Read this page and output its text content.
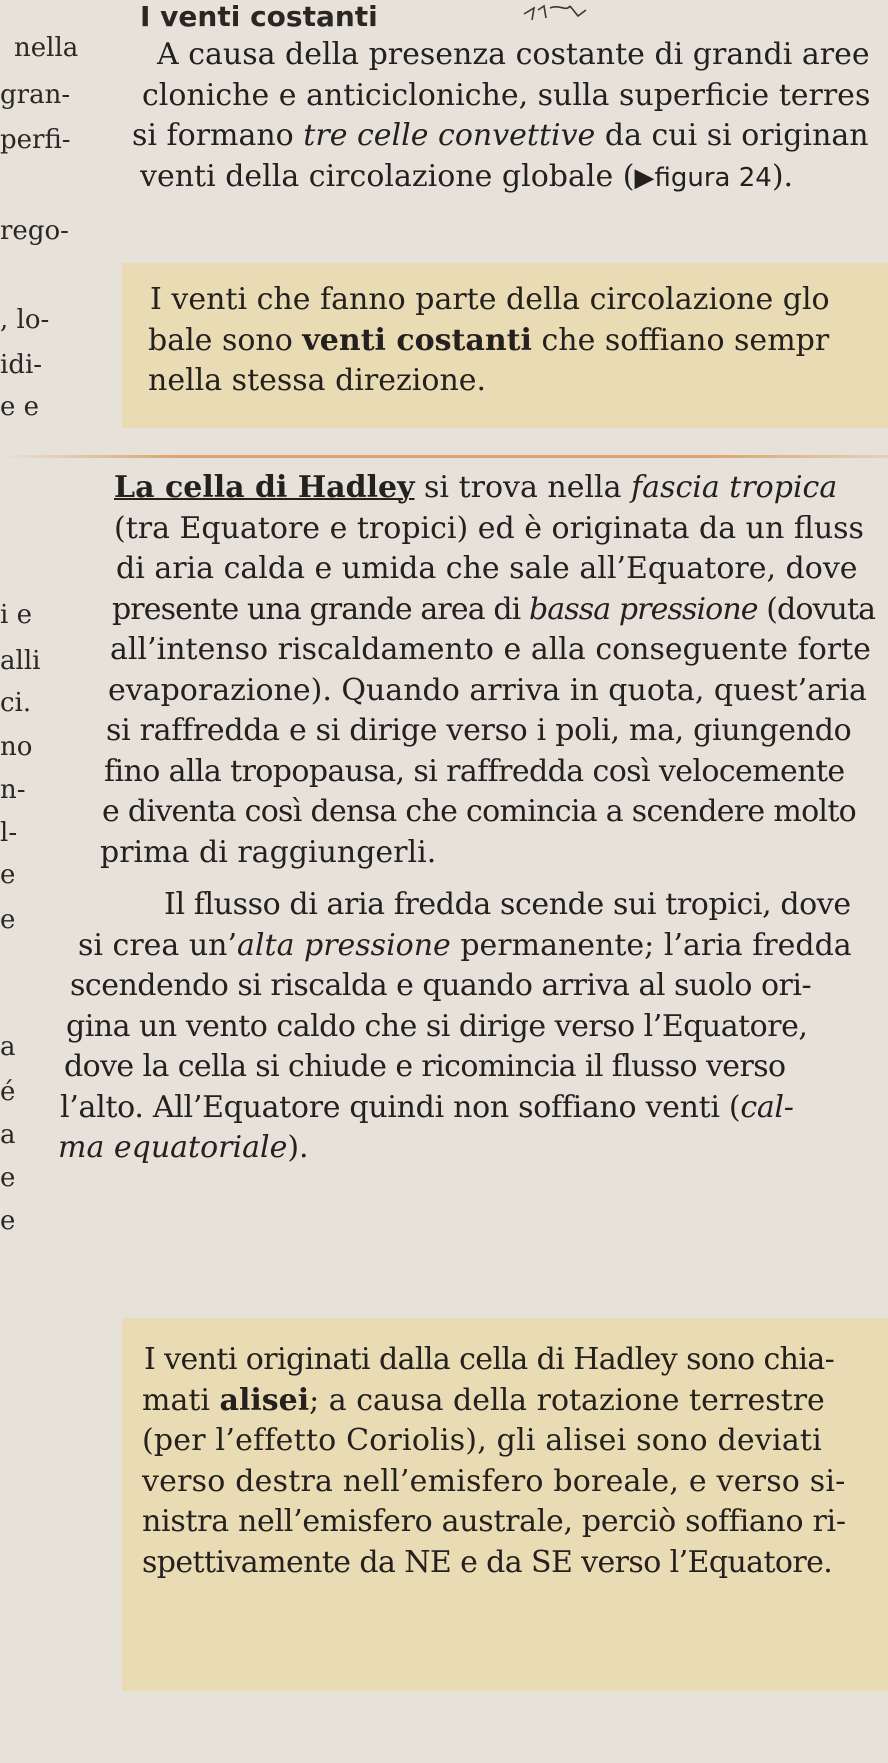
nella
gran-
perfi-
rego-
, lo-
idi-
e e
i e
alli
ci.
no
n-
l-
e
e
a
é
a
e
e
I venti costanti
A causa della presenza costante di grandi aree
cloniche e anticicloniche, sulla superficie terres
si formano tre celle convettive da cui si originan
venti della circolazione globale (▶figura 24).
I venti che fanno parte della circolazione glo
bale sono venti costanti che soffiano sempr
nella stessa direzione.
La cella di Hadley si trova nella fascia tropica
(tra Equatore e tropici) ed è originata da un fluss
di aria calda e umida che sale all’Equatore, dove
presente una grande area di bassa pressione (dovuta
all’intenso riscaldamento e alla conseguente forte
evaporazione). Quando arriva in quota, quest’aria
si raffredda e si dirige verso i poli, ma, giungendo
fino alla tropopausa, si raffredda così velocemente
e diventa così densa che comincia a scendere molto
prima di raggiungerli.
Il flusso di aria fredda scende sui tropici, dove
si crea un’alta pressione permanente; l’aria fredda
scendendo si riscalda e quando arriva al suolo ori-
gina un vento caldo che si dirige verso l’Equatore,
dove la cella si chiude e ricomincia il flusso verso
l’alto. All’Equatore quindi non soffiano venti (cal-
ma equatoriale).
I venti originati dalla cella di Hadley sono chia-
mati alisei; a causa della rotazione terrestre
(per l’effetto Coriolis), gli alisei sono deviati
verso destra nell’emisfero boreale, e verso si-
nistra nell’emisfero australe, perciò soffiano ri-
spettivamente da NE e da SE verso l’Equatore.
